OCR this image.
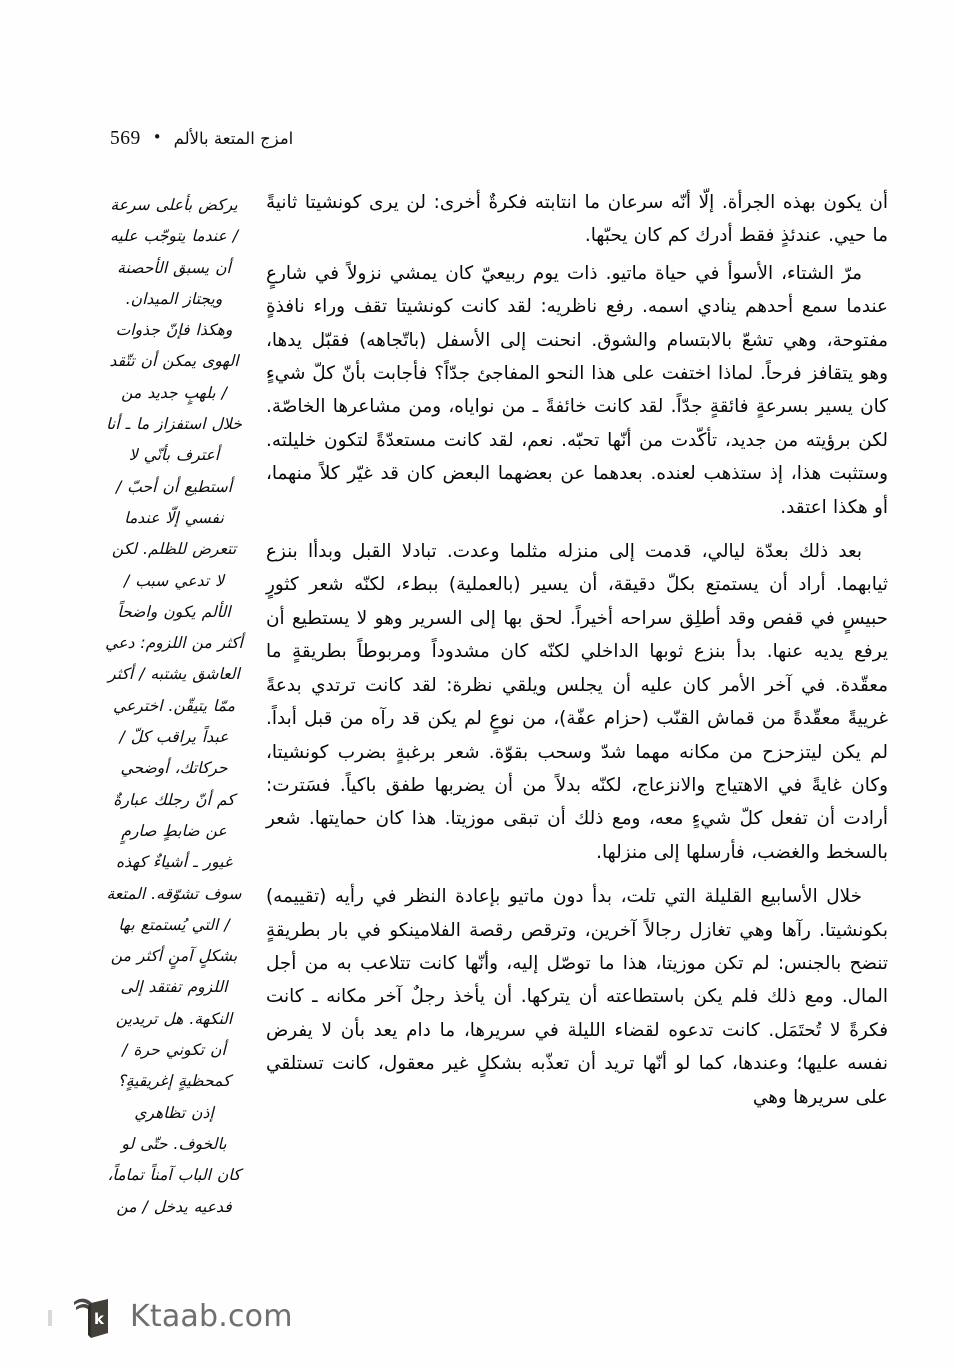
569 • امزج المتعة بالألم

أن يكون بهذه الجرأة. إلّا أنّه سرعان ما انتابته فكرةٌ أخرى: لن يرى كونشيتا ثانيةً ما حيي. عندئذٍ فقط أدرك كم كان يحبّها.

مرّ الشتاء، الأسوأ في حياة ماتيو. ذات يوم ربيعيّ كان يمشي نزولاً في شارعٍ عندما سمع أحدهم ينادي اسمه. رفع ناظريه: لقد كانت كونشيتا تقف وراء نافذةٍ مفتوحة، وهي تشعّ بالابتسام والشوق. انحنت إلى الأسفل (باتّجاهه) فقبّل يدها، وهو يتقافز فرحاً. لماذا اختفت على هذا النحو المفاجئ جدّاً؟ فأجابت بأنّ كلّ شيءٍ كان يسير بسرعةٍ فائقةٍ جدّاً. لقد كانت خائفةً ـ من نواياه، ومن مشاعرها الخاصّة. لكن برؤيته من جديد، تأكّدت من أنّها تحبّه. نعم، لقد كانت مستعدّةً لتكون خليلته. وستثبت هذا، إذ ستذهب لعنده. بعدهما عن بعضهما البعض كان قد غيّر كلاً منهما، أو هكذا اعتقد.

بعد ذلك بعدّة ليالي، قدمت إلى منزله مثلما وعدت. تبادلا القبل وبدأا بنزع ثيابهما. أراد أن يستمتع بكلّ دقيقة، أن يسير (بالعملية) ببطء، لكنّه شعر كثورٍ حبيسٍ في قفص وقد أطلِق سراحه أخيراً. لحق بها إلى السرير وهو لا يستطيع أن يرفع يديه عنها. بدأ بنزع ثوبها الداخلي لكنّه كان مشدوداً ومربوطاً بطريقةٍ ما معقّدة. في آخر الأمر كان عليه أن يجلس ويلقي نظرة: لقد كانت ترتدي بدعةً غرييةً معقّدةً من قماش القنّب (حزام عفّة)، من نوعٍ لم يكن قد رآه من قبل أبداً. لم يكن ليتزحزح من مكانه مهما شدّ وسحب بقوّة. شعر برغبةٍ بضرب كونشيتا، وكان غايةً في الاهتياج والانزعاج، لكنّه بدلاً من أن يضربها طفق باكياً. فسَترت: أرادت أن تفعل كلّ شيءٍ معه، ومع ذلك أن تبقى موزيتا. هذا كان حمايتها. شعر بالسخط والغضب، فأرسلها إلى منزلها.

خلال الأسابيع القليلة التي تلت، بدأ دون ماتيو بإعادة النظر في رأيه (تقييمه) بكونشيتا. رآها وهي تغازل رجالاً آخرين، وترقص رقصة الفلامينكو في بار بطريقةٍ تنضح بالجنس: لم تكن موزيتا، هذا ما توصّل إليه، وأنّها كانت تتلاعب به من أجل المال. ومع ذلك فلم يكن باستطاعته أن يتركها. أن يأخذ رجلٌ آخر مكانه ـ كانت فكرةً لا تُحتَمَل. كانت تدعوه لقضاء الليلة في سريرها، ما دام يعد بأن لا يفرض نفسه عليها؛ وعندها، كما لو أنّها تريد أن تعذّبه بشكلٍ غير معقول، كانت تستلقي على سريرها وهي

يركض بأعلى سرعة

/ عندما يتوجّب عليه

أن يسبق الأحصنة

ويجتاز الميدان.

وهكذا فإنّ جذوات

الهوى يمكن أن تتّقد

/ بلهبٍ جديد من

خلال استفزاز ما ـ أنا

أعترف بأنّي لا

أستطيع أن أحبّ /

نفسي إلّا عندما

تتعرض للظلم. لكن

لا تدعي سبب /

الألم يكون واضحاً

أكثر من اللزوم: دعي

العاشق يشتبه / أكثر

ممّا يتيقّن. اخترعي

عبداً يراقب كلّ /

حركاتك، أوضحي

كم أنّ رجلك عبارةٌ

عن ضابطٍ صارمٍ

غيور ـ أشياءٌ كهذه

سوف تشوّقه. المتعة

/ التي يُستمتع بها

بشكلٍ آمنٍ أكثر من

اللزوم تفتقد إلى

النكهة. هل تريدين

أن تكوني حرة /

كمحظيةٍ إغريقيةٍ؟

إذن تظاهري

بالخوف. حتّى لو

كان الباب آمناً تماماً،

فدعيه يدخل / من

k Ktaab.com
